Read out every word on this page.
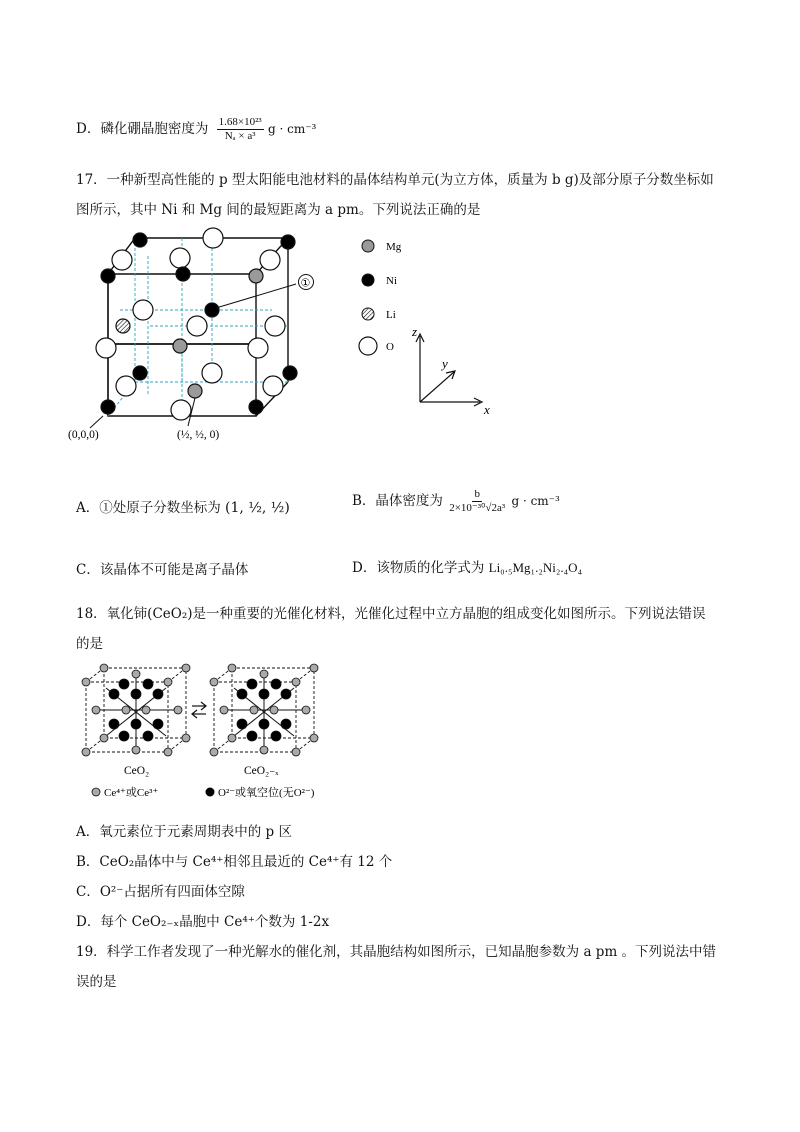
D．磷化硼晶胞密度为 $\frac{\text{1.68×10²³}}{\text{Nₐ × a³}}$ g · cm⁻³
17．一种新型高性能的 p 型太阳能电池材料的晶体结构单元(为立方体，质量为 b g)及部分原子分数坐标如
图所示，其中 Ni 和 Mg 间的最短距离为 a pm。下列说法正确的是
①
(0,0,0)	(½, ½, 0)
Mg
Ni
Li
O
z
y
x
A．①处原子分数坐标为 (1, ½, ½)	B．晶体密度为 $\frac{b}{\text{2×10⁻³⁰√2a³}}$ g · cm⁻³
C．该晶体不可能是离子晶体	D．该物质的化学式为 Li₀.₅Mg₁.₂Ni₂.₄O₄
18．氧化铈(CeO₂)是一种重要的光催化材料，光催化过程中立方晶胞的组成变化如图所示。下列说法错误
的是
CeO₂	CeO₂₋ₓ
Ce⁴⁺或Ce³⁺	O²⁻或氧空位(无O²⁻)
A．氧元素位于元素周期表中的 p 区
B．CeO₂晶体中与 Ce⁴⁺相邻且最近的 Ce⁴⁺有 12 个
C．O²⁻占据所有四面体空隙
D．每个 CeO₂₋ₓ晶胞中 Ce⁴⁺个数为 1-2x
19．科学工作者发现了一种光解水的催化剂，其晶胞结构如图所示，已知晶胞参数为 a pm 。下列说法中错
误的是
